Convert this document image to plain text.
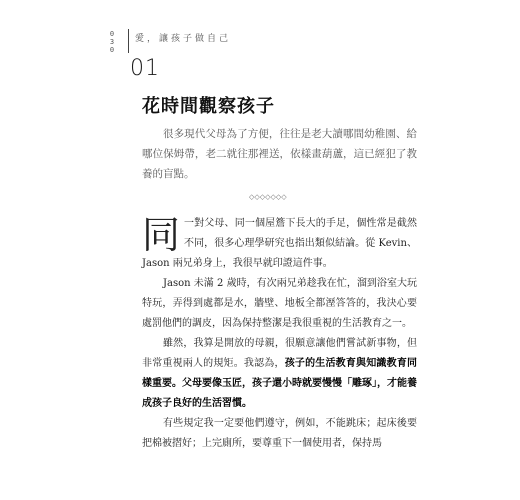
0
3
0
愛，讓孩子做自己
01
花時間觀察孩子

很多現代父母為了方便，往往是老大讀哪間幼稚園、給哪位保姆帶，老二就往那裡送，依樣畫葫蘆，這已經犯了教養的盲點。

◇◇◇◇◇◇◇

同一對父母、同一個屋簷下長大的手足，個性常是截然不同，很多心理學研究也指出類似結論。從 Kevin、Jason 兩兄弟身上，我很早就印證這件事。

Jason 未滿 2 歲時，有次兩兄弟趁我在忙，溜到浴室大玩特玩，弄得到處都是水，牆壁、地板全都溼答答的，我決心要處罰他們的調皮，因為保持整潔是我很重視的生活教育之一。

雖然，我算是開放的母親，很願意讓他們嘗試新事物，但非常重視兩人的規矩。我認為，孩子的生活教育與知識教育同樣重要。父母要像玉匠，孩子還小時就要慢慢「雕琢」，才能養成孩子良好的生活習慣。

有些規定我一定要他們遵守，例如，不能跳床；起床後要把棉被摺好；上完廁所，要尊重下一個使用者，保持馬
